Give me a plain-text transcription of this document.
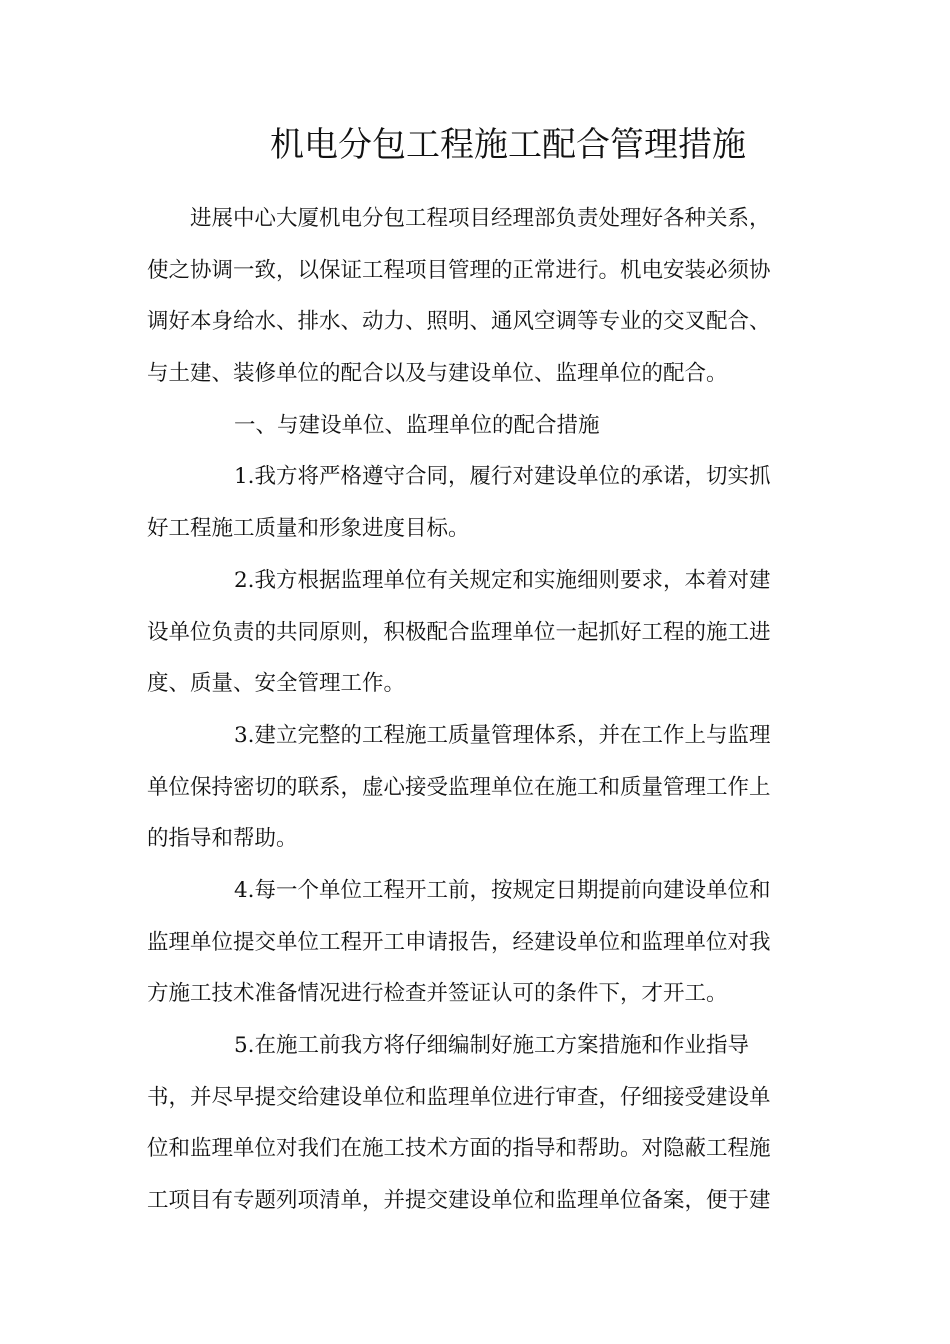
机电分包工程施工配合管理措施
进展中心大厦机电分包工程项目经理部负责处理好各种关系，
使之协调一致，以保证工程项目管理的正常进行。机电安装必须协
调好本身给水、排水、动力、照明、通风空调等专业的交叉配合、
与土建、装修单位的配合以及与建设单位、监理单位的配合。
一、与建设单位、监理单位的配合措施
1.我方将严格遵守合同，履行对建设单位的承诺，切实抓
好工程施工质量和形象进度目标。
2.我方根据监理单位有关规定和实施细则要求，本着对建
设单位负责的共同原则，积极配合监理单位一起抓好工程的施工进
度、质量、安全管理工作。
3.建立完整的工程施工质量管理体系，并在工作上与监理
单位保持密切的联系，虚心接受监理单位在施工和质量管理工作上
的指导和帮助。
4.每一个单位工程开工前，按规定日期提前向建设单位和
监理单位提交单位工程开工申请报告，经建设单位和监理单位对我
方施工技术准备情况进行检查并签证认可的条件下，才开工。
5.在施工前我方将仔细编制好施工方案措施和作业指导
书，并尽早提交给建设单位和监理单位进行审查，仔细接受建设单
位和监理单位对我们在施工技术方面的指导和帮助。对隐蔽工程施
工项目有专题列项清单，并提交建设单位和监理单位备案，便于建
